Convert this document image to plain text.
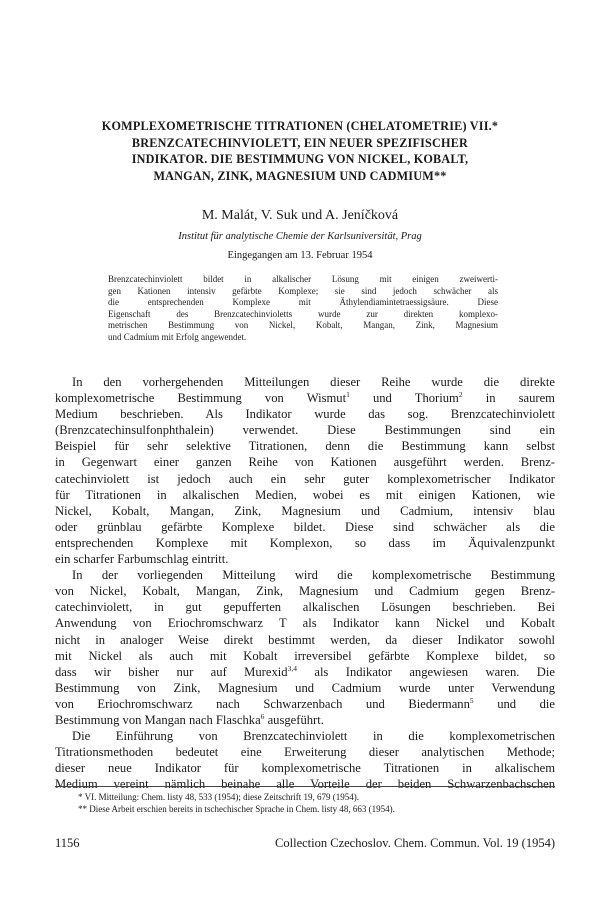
KOMPLEXOMETRISCHE TITRATIONEN (CHELATOMETRIE) VII.*
BRENZCATECHINVIOLETT, EIN NEUER SPEZIFISCHER
INDIKATOR. DIE BESTIMMUNG VON NICKEL, KOBALT,
MANGAN, ZINK, MAGNESIUM UND CADMIUM**
M. Malát, V. Suk und A. Jeníčková
Institut für analytische Chemie der Karlsuniversität, Prag
Eingegangen am 13. Februar 1954
Brenzcatechinviolett bildet in alkalischer Lösung mit einigen zweiwerti-
gen Kationen intensiv gefärbte Komplexe; sie sind jedoch schwächer als
die entsprechenden Komplexe mit Äthylendiamintetraessigsäure. Diese
Eigenschaft des Brenzcatechinvioletts wurde zur direkten komplexo-
metrischen Bestimmung von Nickel, Kobalt, Mangan, Zink, Magnesium
und Cadmium mit Erfolg angewendet.
In den vorhergehenden Mitteilungen dieser Reihe wurde die direkte
komplexometrische Bestimmung von Wismut$^1$ und Thorium$^2$ in saurem
Medium beschrieben. Als Indikator wurde das sog. Brenzcatechinviolett
(Brenzcatechinsulfonphthalein) verwendet. Diese Bestimmungen sind ein
Beispiel für sehr selektive Titrationen, denn die Bestimmung kann selbst
in Gegenwart einer ganzen Reihe von Kationen ausgeführt werden. Brenz-
catechinviolett ist jedoch auch ein sehr guter komplexometrischer Indikator
für Titrationen in alkalischen Medien, wobei es mit einigen Kationen, wie
Nickel, Kobalt, Mangan, Zink, Magnesium und Cadmium, intensiv blau
oder grünblau gefärbte Komplexe bildet. Diese sind schwächer als die
entsprechenden Komplexe mit Komplexon, so dass im Äquivalenzpunkt
ein scharfer Farbumschlag eintritt.
In der vorliegenden Mitteilung wird die komplexometrische Bestimmung
von Nickel, Kobalt, Mangan, Zink, Magnesium und Cadmium gegen Brenz-
catechinviolett, in gut gepufferten alkalischen Lösungen beschrieben. Bei
Anwendung von Eriochromschwarz T als Indikator kann Nickel und Kobalt
nicht in analoger Weise direkt bestimmt werden, da dieser Indikator sowohl
mit Nickel als auch mit Kobalt irreversibel gefärbte Komplexe bildet, so
dass wir bisher nur auf Murexid$^{3,4}$ als Indikator angewiesen waren. Die
Bestimmung von Zink, Magnesium und Cadmium wurde unter Verwendung
von Eriochromschwarz nach Schwarzenbach und Biedermann$^5$ und die
Bestimmung von Mangan nach Flaschka$^6$ ausgeführt.
Die Einführung von Brenzcatechinviolett in die komplexometrischen
Titrationsmethoden bedeutet eine Erweiterung dieser analytischen Methode;
dieser neue Indikator für komplexometrische Titrationen in alkalischem
Medium vereint nämlich beinahe alle Vorteile der beiden Schwarzenbachschen
* VI. Mitteilung: Chem. listy 48, 533 (1954); diese Zeitschrift 19, 679 (1954).
** Diese Arbeit erschien bereits in tschechischer Sprache in Chem. listy 48, 663 (1954).
1156	Collection Czechoslov. Chem. Commun. Vol. 19 (1954)
